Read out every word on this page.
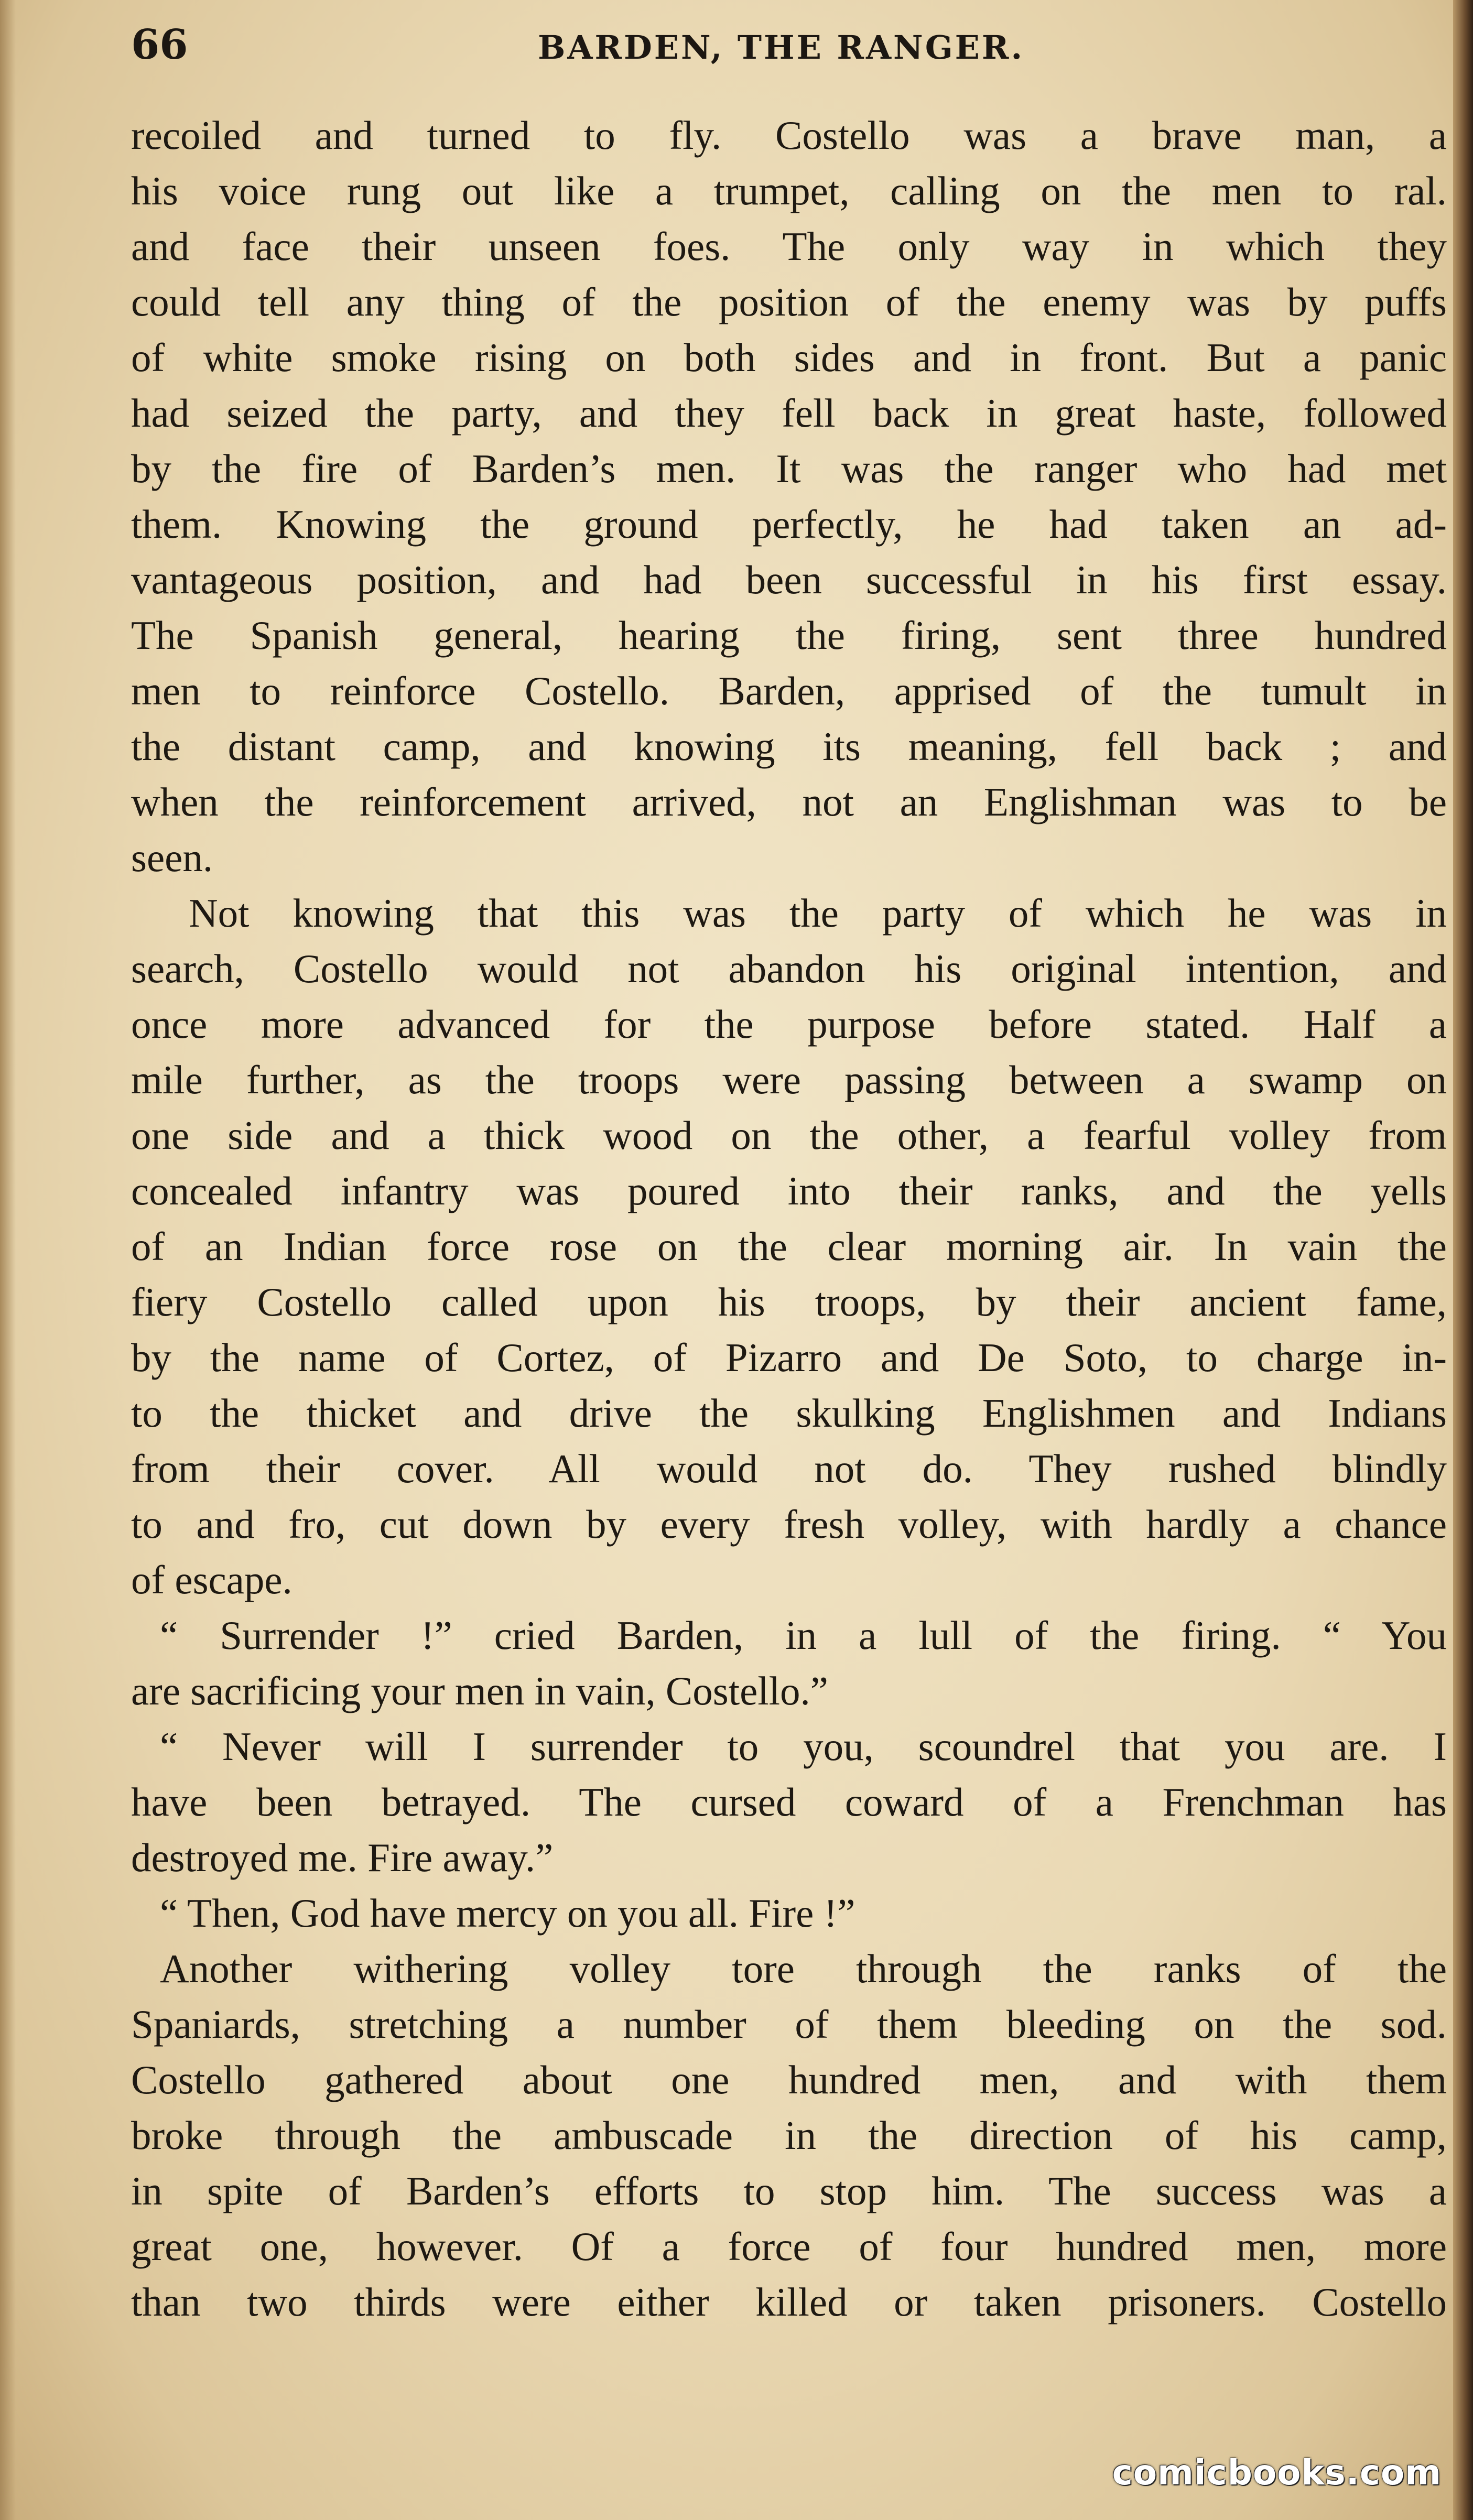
66	BARDEN, THE RANGER.
recoiled and turned to fly. Costello was a brave man, a
his voice rung out like a trumpet, calling on the men to ral.
and face their unseen foes. The only way in which they
could tell any thing of the position of the enemy was by puffs
of white smoke rising on both sides and in front. But a panic
had seized the party, and they fell back in great haste, followed
by the fire of Barden’s men. It was the ranger who had met
them. Knowing the ground perfectly, he had taken an ad-
vantageous position, and had been successful in his first essay.
The Spanish general, hearing the firing, sent three hundred
men to reinforce Costello. Barden, apprised of the tumult in
the distant camp, and knowing its meaning, fell back ; and
when the reinforcement arrived, not an Englishman was to be
seen.
Not knowing that this was the party of which he was in
search, Costello would not abandon his original intention, and
once more advanced for the purpose before stated. Half a
mile further, as the troops were passing between a swamp on
one side and a thick wood on the other, a fearful volley from
concealed infantry was poured into their ranks, and the yells
of an Indian force rose on the clear morning air. In vain the
fiery Costello called upon his troops, by their ancient fame,
by the name of Cortez, of Pizarro and De Soto, to charge in-
to the thicket and drive the skulking Englishmen and Indians
from their cover. All would not do. They rushed blindly
to and fro, cut down by every fresh volley, with hardly a chance
of escape.
“ Surrender !” cried Barden, in a lull of the firing. “ You
are sacrificing your men in vain, Costello.”
“ Never will I surrender to you, scoundrel that you are. I
have been betrayed. The cursed coward of a Frenchman has
destroyed me. Fire away.”
“ Then, God have mercy on you all. Fire !”
Another withering volley tore through the ranks of the
Spaniards, stretching a number of them bleeding on the sod.
Costello gathered about one hundred men, and with them
broke through the ambuscade in the direction of his camp,
in spite of Barden’s efforts to stop him. The success was a
great one, however. Of a force of four hundred men, more
than two thirds were either killed or taken prisoners. Costello
comicbooks.com
